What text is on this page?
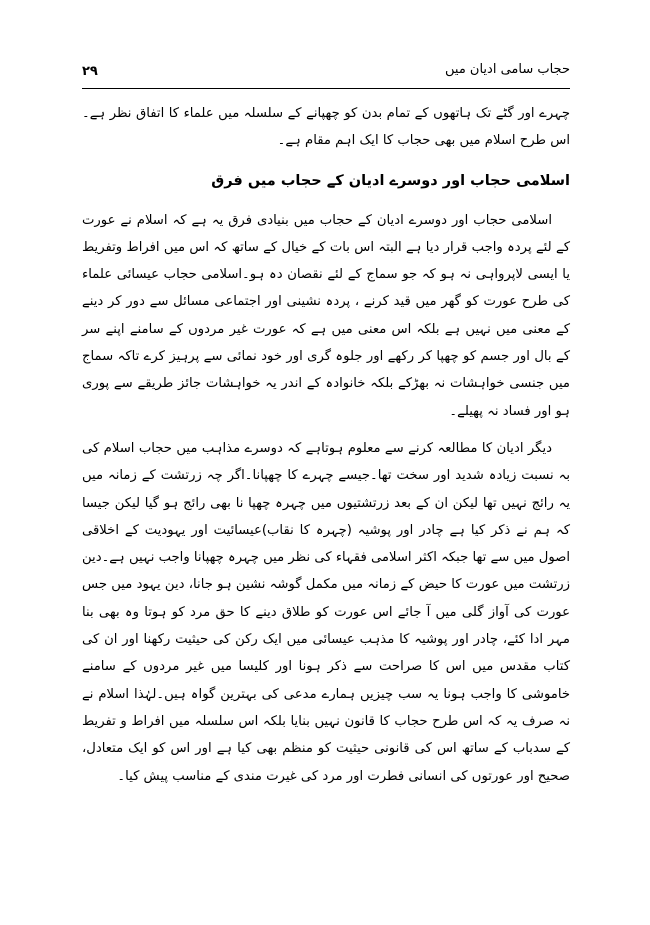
۲۹	حجاب سامی ادیان میں

چہرے اور گٹے تک ہاتھوں کے تمام بدن کو چھپانے کے سلسلہ میں علماء کا اتفاق نظر ہے۔اس طرح اسلام میں بھی حجاب کا ایک اہم مقام ہے۔

اسلامی حجاب اور دوسرے ادیان کے حجاب میں فرق

اسلامی حجاب اور دوسرے ادیان کے حجاب میں بنیادی فرق یہ ہے کہ اسلام نے عورت کے لئے پردہ واجب قرار دیا ہے البتہ اس بات کے خیال کے ساتھ کہ اس میں افراط وتفریط یا ایسی لاپرواہی نہ ہو کہ جو سماج کے لئے نقصان دہ ہو۔اسلامی حجاب عیسائی علماء کی طرح عورت کو گھر میں قید کرنے ، پردہ نشینی اور اجتماعی مسائل سے دور کر دینے کے معنی میں نہیں ہے بلکہ اس معنی میں ہے کہ عورت غیر مردوں کے سامنے اپنے سر کے بال اور جسم کو چھپا کر رکھے اور جلوہ گری اور خود نمائی سے پرہیز کرے تاکہ سماج میں جنسی خواہشات نہ بھڑکے بلکہ خانوادہ کے اندر یہ خواہشات جائز طریقے سے پوری ہو اور فساد نہ پھیلے۔

دیگر ادیان کا مطالعہ کرنے سے معلوم ہوتاہے کہ دوسرے مذاہب میں حجاب اسلام کی بہ نسبت زیادہ شدید اور سخت تھا۔جیسے چہرے کا چھپانا۔اگر چہ زرتشت کے زمانہ میں یہ رائج نہیں تھا لیکن ان کے بعد زرتشتیوں میں چہرہ چھپا نا بھی رائج ہو گیا لیکن جیسا کہ ہم نے ذکر کیا ہے چادر اور پوشیہ (چہرہ کا نقاب)عیسائیت اور یہودیت کے اخلاقی اصول میں سے تھا جبکہ اکثر اسلامی فقہاء کی نظر میں چہرہ چھپانا واجب نہیں ہے۔دین زرتشت میں عورت کا حیض کے زمانہ میں مکمل گوشہ نشین ہو جانا، دین یہود میں جس عورت کی آواز گلی میں آ جائے اس عورت کو طلاق دینے کا حق مرد کو ہوتا وہ بھی بنا مہر ادا کئے، چادر اور پوشیہ کا مذہب عیسائی میں ایک رکن کی حیثیت رکھنا اور ان کی کتاب مقدس میں اس کا صراحت سے ذکر ہونا اور کلیسا میں غیر مردوں کے سامنے خاموشی کا واجب ہونا یہ سب چیزیں ہمارے مدعی کی بہترین گواہ ہیں۔لہٰذا اسلام نے نہ صرف یہ کہ اس طرح حجاب کا قانون نہیں بنایا بلکہ اس سلسلہ میں افراط و تفریط کے سدباب کے ساتھ اس کی قانونی حیثیت کو منظم بھی کیا ہے اور اس کو ایک متعادل، صحیح اور عورتوں کی انسانی فطرت اور مرد کی غیرت مندی کے مناسب پیش کیا۔
